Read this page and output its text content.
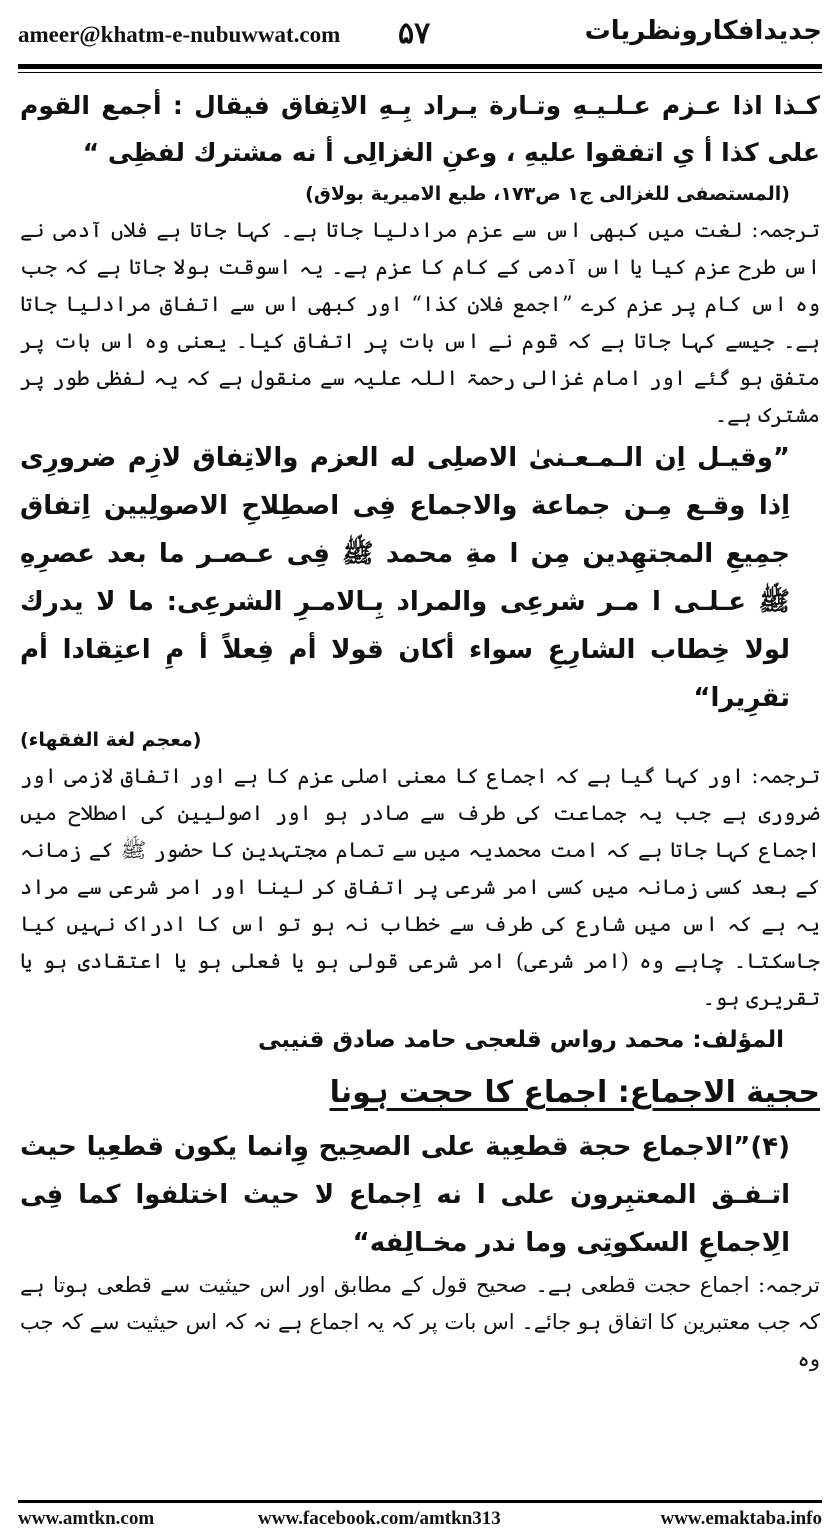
ameer@khatm-e-nubuwwat.com ۵۷	جدیدافکارونظریات

کـذا اذا عـزم عـلـيـهِ وتـارة يـراد بِـهِ الاتِفاق فيقال : أجمع القوم على كذا أ ىِ اتفقوا عليهِ ، وعنِ الغزالِى أ نه مشترك لفظِى “

(المستصفى للغزالى ج١ ص١٧٣، طبع الاميرية بولاق)

ترجمہ: لغت میں کبھی اس سے عزم مرادلیا جاتا ہے۔ کہا جاتا ہے فلاں آدمی نے اس طرح عزم کیا یا اس آدمی کے کام کا عزم ہے۔ یہ اسوقت بولا جاتا ہے کہ جب وہ اس کام پر عزم کرے ”اجمع فلان كذا“ اور کبھی اس سے اتفاق مرادلیا جاتا ہے۔ جیسے کہا جاتا ہے کہ قوم نے اس بات پر اتفاق کیا۔ یعنی وہ اس بات پر متفق ہو گئے اور امام غزالی رحمۃ اللہ علیہ سے منقول ہے کہ یہ لفظی طور پر مشترک ہے۔

”وقيـل اِن الـمـعـنىٰ الاصلِى له العزم والاتِفاق لازِم ضرورِى اِذا وقـع مِـن جماعة والاجماع فِى اصطِلاحِ الاصولِيين اِتفاق جمِيعِ المجتهِدين مِن ا مةِ محمد ﷺ فِى عـصـر ما بعد عصرِهِ ﷺ عـلـى ا مـر شرعِى والمراد بِـالامـرِ الشرعِى: ما لا يدرك لولا خِطاب الشارِعِ سواء أكان قولا أم فِعلاً أ مِ اعتِقادا أم تقرِيرا“

(معجم لغة الفقهاء)

ترجمہ: اور کہا گیا ہے کہ اجماع کا معنی اصلی عزم کا ہے اور اتفاق لازمی اور ضروری ہے جب یہ جماعت کی طرف سے صادر ہو اور اصولیین کی اصطلاح میں اجماع کہا جاتا ہے کہ امت محمدیہ میں سے تمام مجتہدین کا حضور ﷺ کے زمانہ کے بعد کسی زمانہ میں کسی امر شرعی پر اتفاق کر لینا اور امر شرعی سے مراد یہ ہے کہ اس میں شارع کی طرف سے خطاب نہ ہو تو اس کا ادراک نہیں کیا جاسکتا۔ چاہے وہ (امر شرعی) امر شرعی قولی ہو یا فعلی ہو یا اعتقادی ہو یا تقریری ہو۔

المؤلف: محمد رواس قلعجى حامد صادق قنيبى

حجية الاجماع: اجماع کا حجت ہونا

(۴)”الاجماع حجة قطعِية على الصحِيح وِانما يكون قطعِيا حيث اتـفـق المعتبِرون على ا نه اِجماع لا حيث اختلفوا كما فِى الِاجماعِ السكوتِى وما ندر مخـالِفه“

ترجمہ: اجماع حجت قطعی ہے۔ صحیح قول کے مطابق اور اس حیثیت سے قطعی ہوتا ہے کہ جب معتبرین کا اتفاق ہو جائے۔ اس بات پر کہ یہ اجماع ہے نہ کہ اس حیثیت سے کہ جب وہ

www.amtkn.com	www.facebook.com/amtkn313	www.emaktaba.info
